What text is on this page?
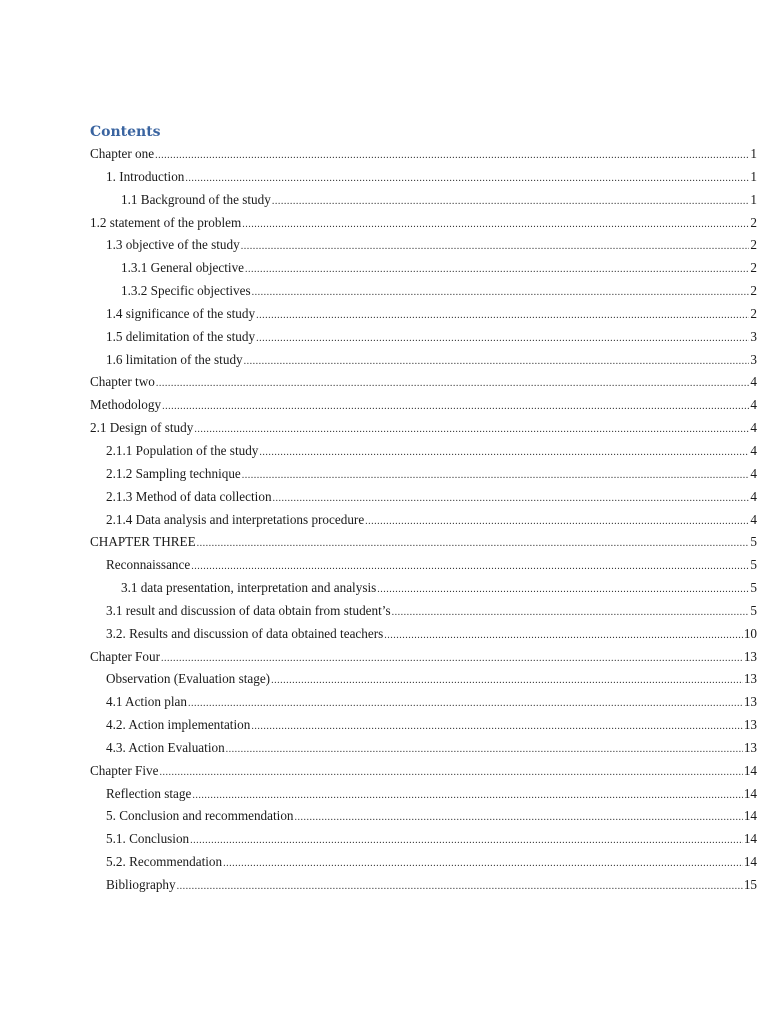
Contents
Chapter one .....	1
1. Introduction .....	1
1.1 Background of the study .....	1
1.2 statement of the problem .....	2
1.3 objective of the study .....	2
1.3.1 General objective .....	2
1.3.2 Specific objectives .....	2
1.4 significance of the study .....	2
1.5 delimitation of the study .....	3
1.6 limitation of the study .....	3
Chapter two .....	4
Methodology .....	4
2.1 Design of study .....	4
2.1.1 Population of the study .....	4
2.1.2 Sampling technique .....	4
2.1.3 Method of data collection .....	4
2.1.4 Data analysis and interpretations procedure .....	4
CHAPTER THREE .....	5
Reconnaissance .....	5
3.1 data presentation, interpretation and analysis .....	5
3.1 result and discussion of data obtain from student’s .....	5
3.2. Results and discussion of data obtained teachers .....	10
Chapter Four .....	13
Observation (Evaluation stage) .....	13
4.1 Action plan .....	13
4.2. Action implementation .....	13
4.3. Action Evaluation .....	13
Chapter Five .....	14
Reflection stage .....	14
5. Conclusion and recommendation .....	14
5.1. Conclusion .....	14
5.2. Recommendation .....	14
Bibliography .....	15
